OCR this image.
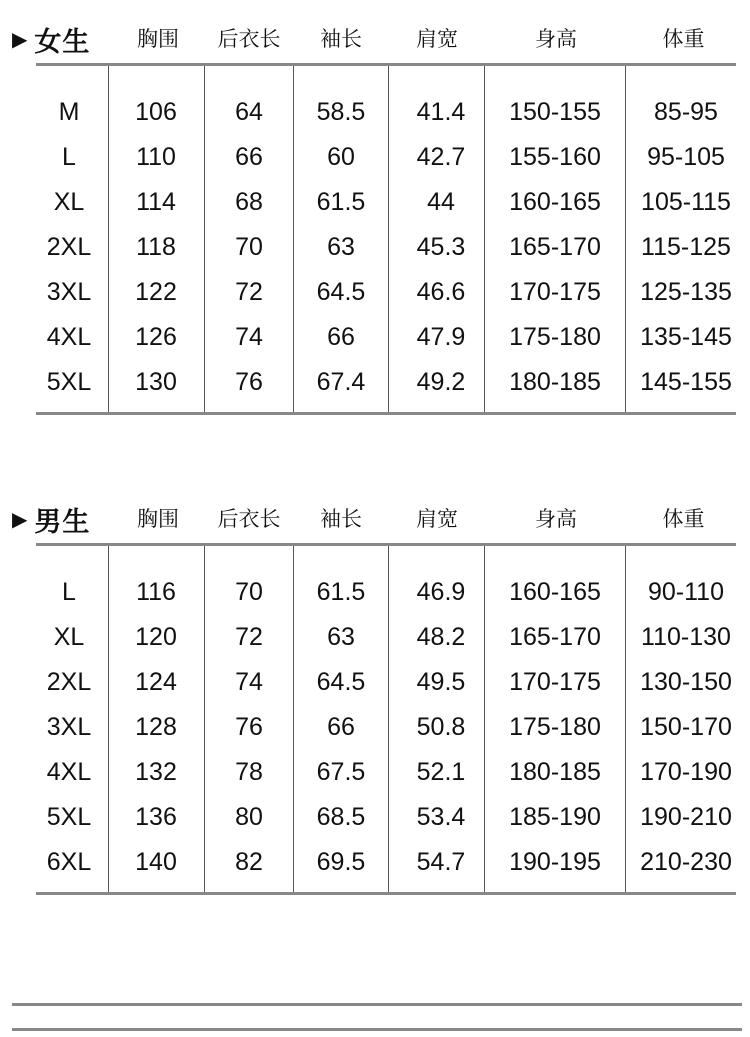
▶ 女生	胸围	后衣长	袖长	肩宽	身高	体重
M	106	64	58.5	41.4	150-155	85-95
L	110	66	60	42.7	155-160	95-105
XL	114	68	61.5	44	160-165	105-115
2XL	118	70	63	45.3	165-170	115-125
3XL	122	72	64.5	46.6	170-175	125-135
4XL	126	74	66	47.9	175-180	135-145
5XL	130	76	67.4	49.2	180-185	145-155
▶ 男生	胸围	后衣长	袖长	肩宽	身高	体重
L	116	70	61.5	46.9	160-165	90-110
XL	120	72	63	48.2	165-170	110-130
2XL	124	74	64.5	49.5	170-175	130-150
3XL	128	76	66	50.8	175-180	150-170
4XL	132	78	67.5	52.1	180-185	170-190
5XL	136	80	68.5	53.4	185-190	190-210
6XL	140	82	69.5	54.7	190-195	210-230
